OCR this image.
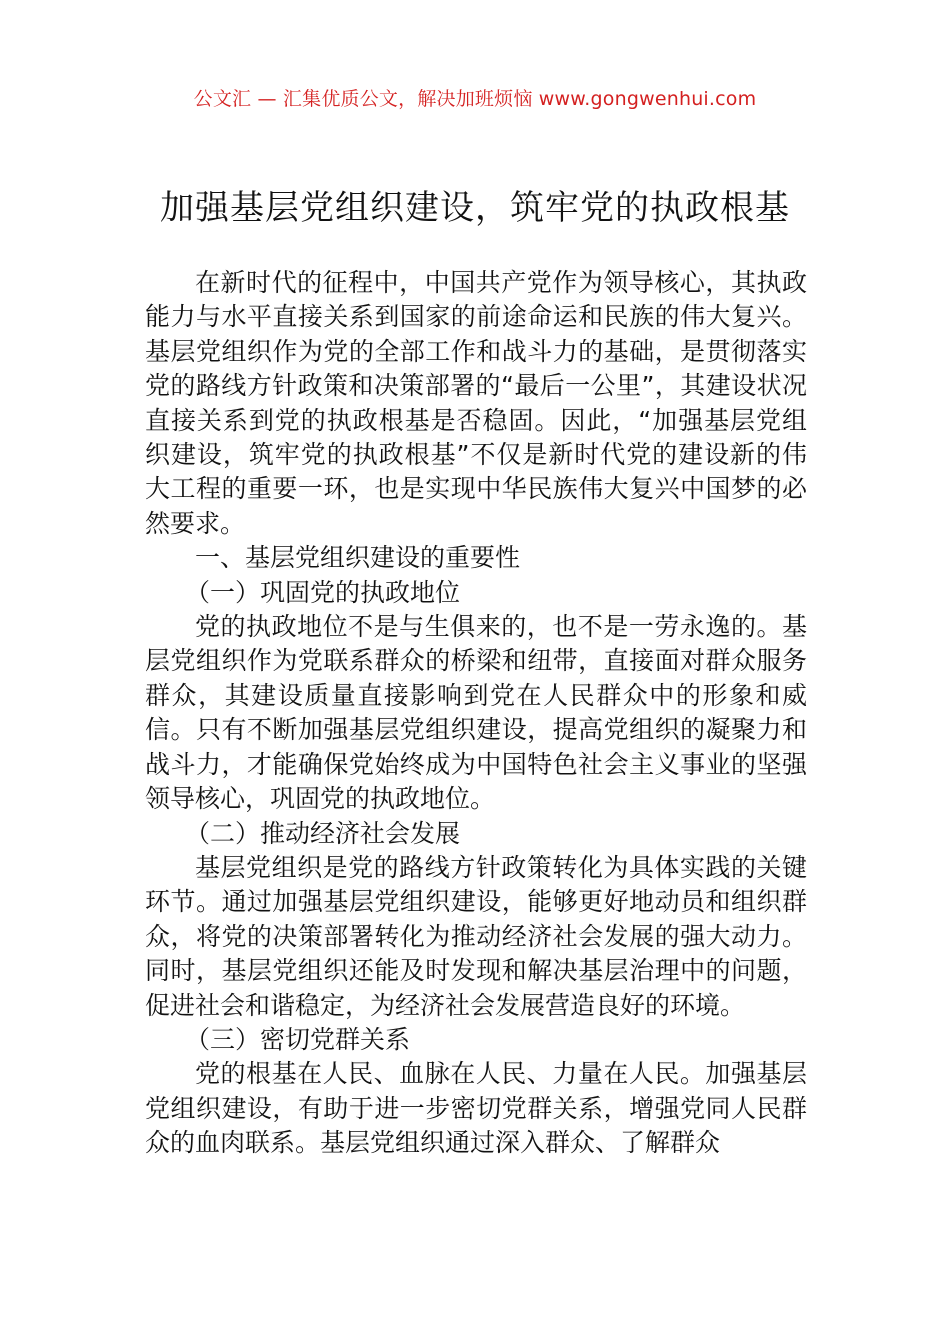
公文汇 — 汇集优质公文，解决加班烦恼 www.gongwenhui.com
加强基层党组织建设，筑牢党的执政根基

在新时代的征程中，中国共产党作为领导核心，其执政能力与水平直接关系到国家的前途命运和民族的伟大复兴。基层党组织作为党的全部工作和战斗力的基础，是贯彻落实党的路线方针政策和决策部署的“最后一公里”，其建设状况直接关系到党的执政根基是否稳固。因此，“加强基层党组织建设，筑牢党的执政根基”不仅是新时代党的建设新的伟大工程的重要一环，也是实现中华民族伟大复兴中国梦的必然要求。

一、基层党组织建设的重要性

（一）巩固党的执政地位

党的执政地位不是与生俱来的，也不是一劳永逸的。基层党组织作为党联系群众的桥梁和纽带，直接面对群众服务群众，其建设质量直接影响到党在人民群众中的形象和威信。只有不断加强基层党组织建设，提高党组织的凝聚力和战斗力，才能确保党始终成为中国特色社会主义事业的坚强领导核心，巩固党的执政地位。

（二）推动经济社会发展

基层党组织是党的路线方针政策转化为具体实践的关键环节。通过加强基层党组织建设，能够更好地动员和组织群众，将党的决策部署转化为推动经济社会发展的强大动力。同时，基层党组织还能及时发现和解决基层治理中的问题，促进社会和谐稳定，为经济社会发展营造良好的环境。

（三）密切党群关系

党的根基在人民、血脉在人民、力量在人民。加强基层党组织建设，有助于进一步密切党群关系，增强党同人民群众的血肉联系。基层党组织通过深入群众、了解群众
